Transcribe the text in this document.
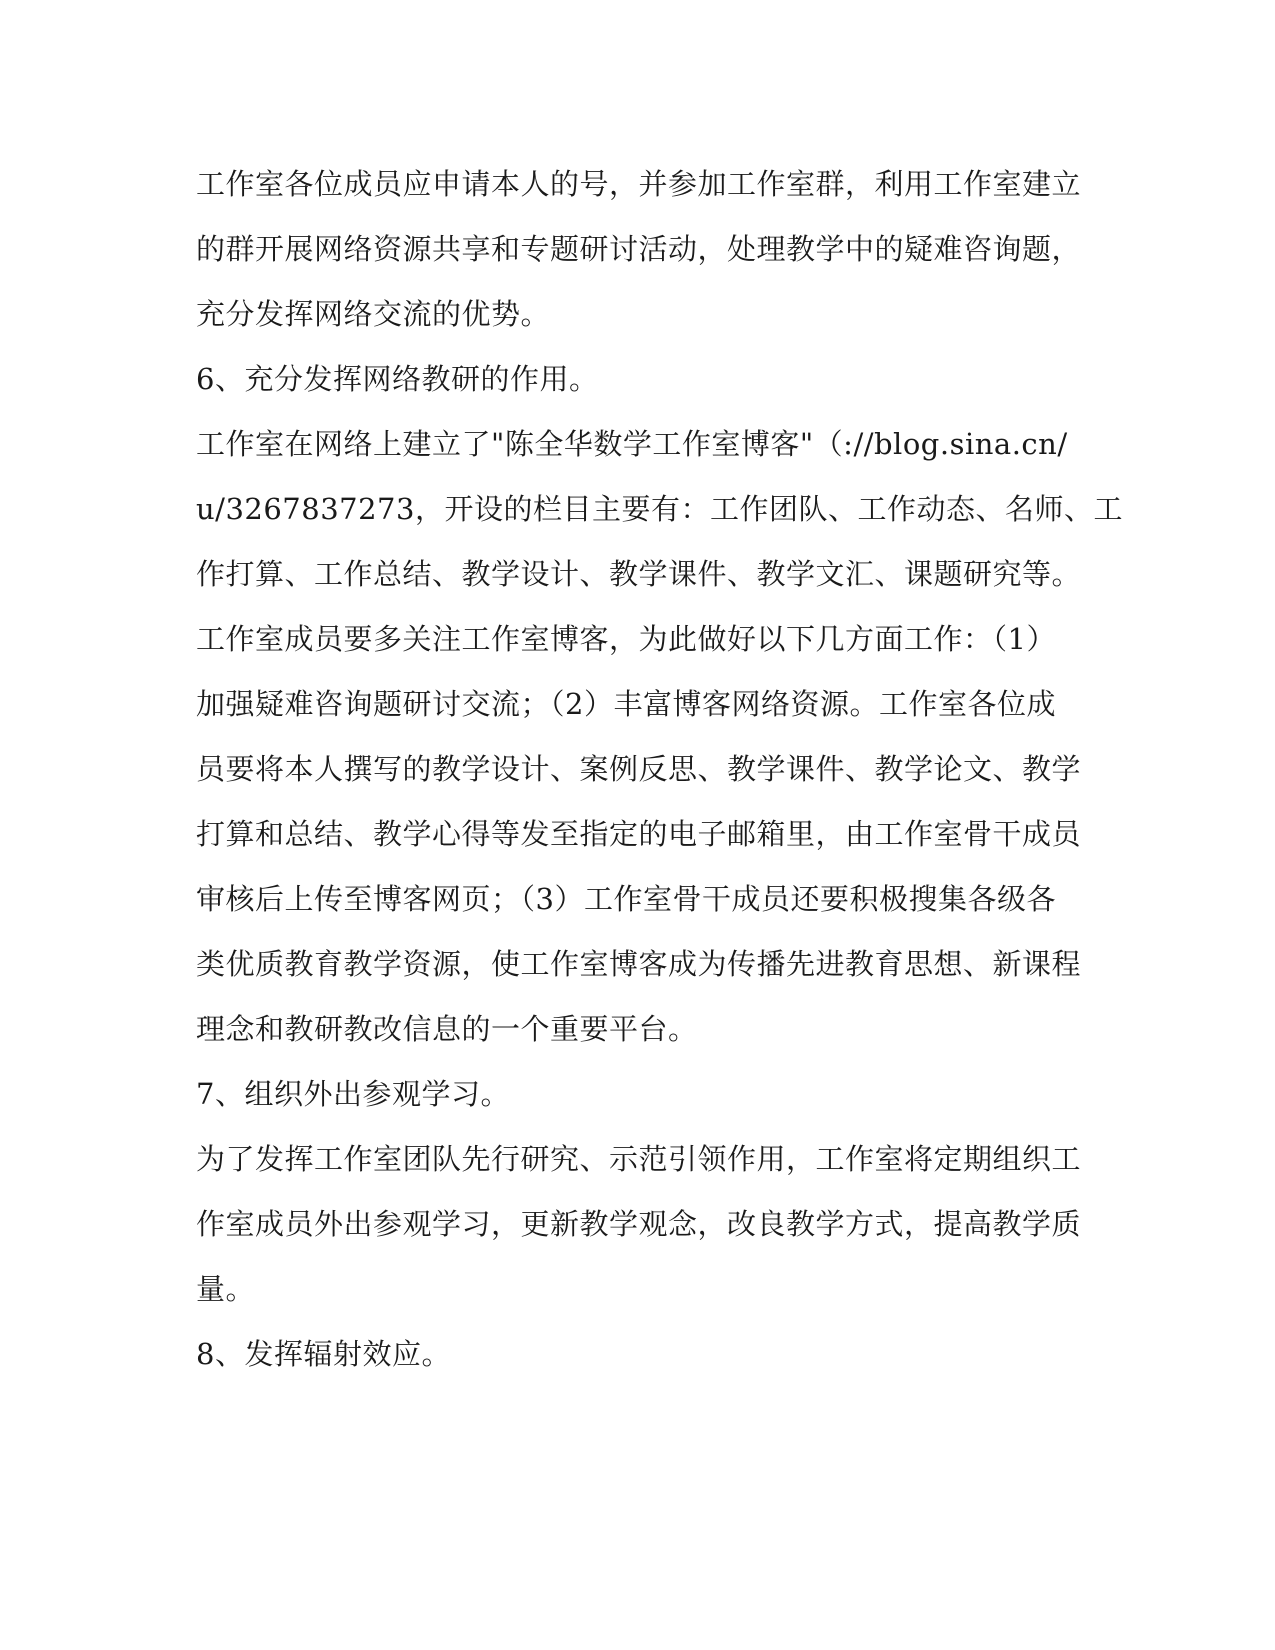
工作室各位成员应申请本人的号，并参加工作室群，利用工作室建立
的群开展网络资源共享和专题研讨活动，处理教学中的疑难咨询题，
充分发挥网络交流的优势。
6、充分发挥网络教研的作用。
工作室在网络上建立了"陈全华数学工作室博客"（://blog.sina.cn/
u/3267837273，开设的栏目主要有：工作团队、工作动态、名师、工
作打算、工作总结、教学设计、教学课件、教学文汇、课题研究等。
工作室成员要多关注工作室博客，为此做好以下几方面工作：（1）
加强疑难咨询题研讨交流；（2）丰富博客网络资源。工作室各位成
员要将本人撰写的教学设计、案例反思、教学课件、教学论文、教学
打算和总结、教学心得等发至指定的电子邮箱里，由工作室骨干成员
审核后上传至博客网页；（3）工作室骨干成员还要积极搜集各级各
类优质教育教学资源，使工作室博客成为传播先进教育思想、新课程
理念和教研教改信息的一个重要平台。
7、组织外出参观学习。
为了发挥工作室团队先行研究、示范引领作用，工作室将定期组织工
作室成员外出参观学习，更新教学观念，改良教学方式，提高教学质
量。
8、发挥辐射效应。
